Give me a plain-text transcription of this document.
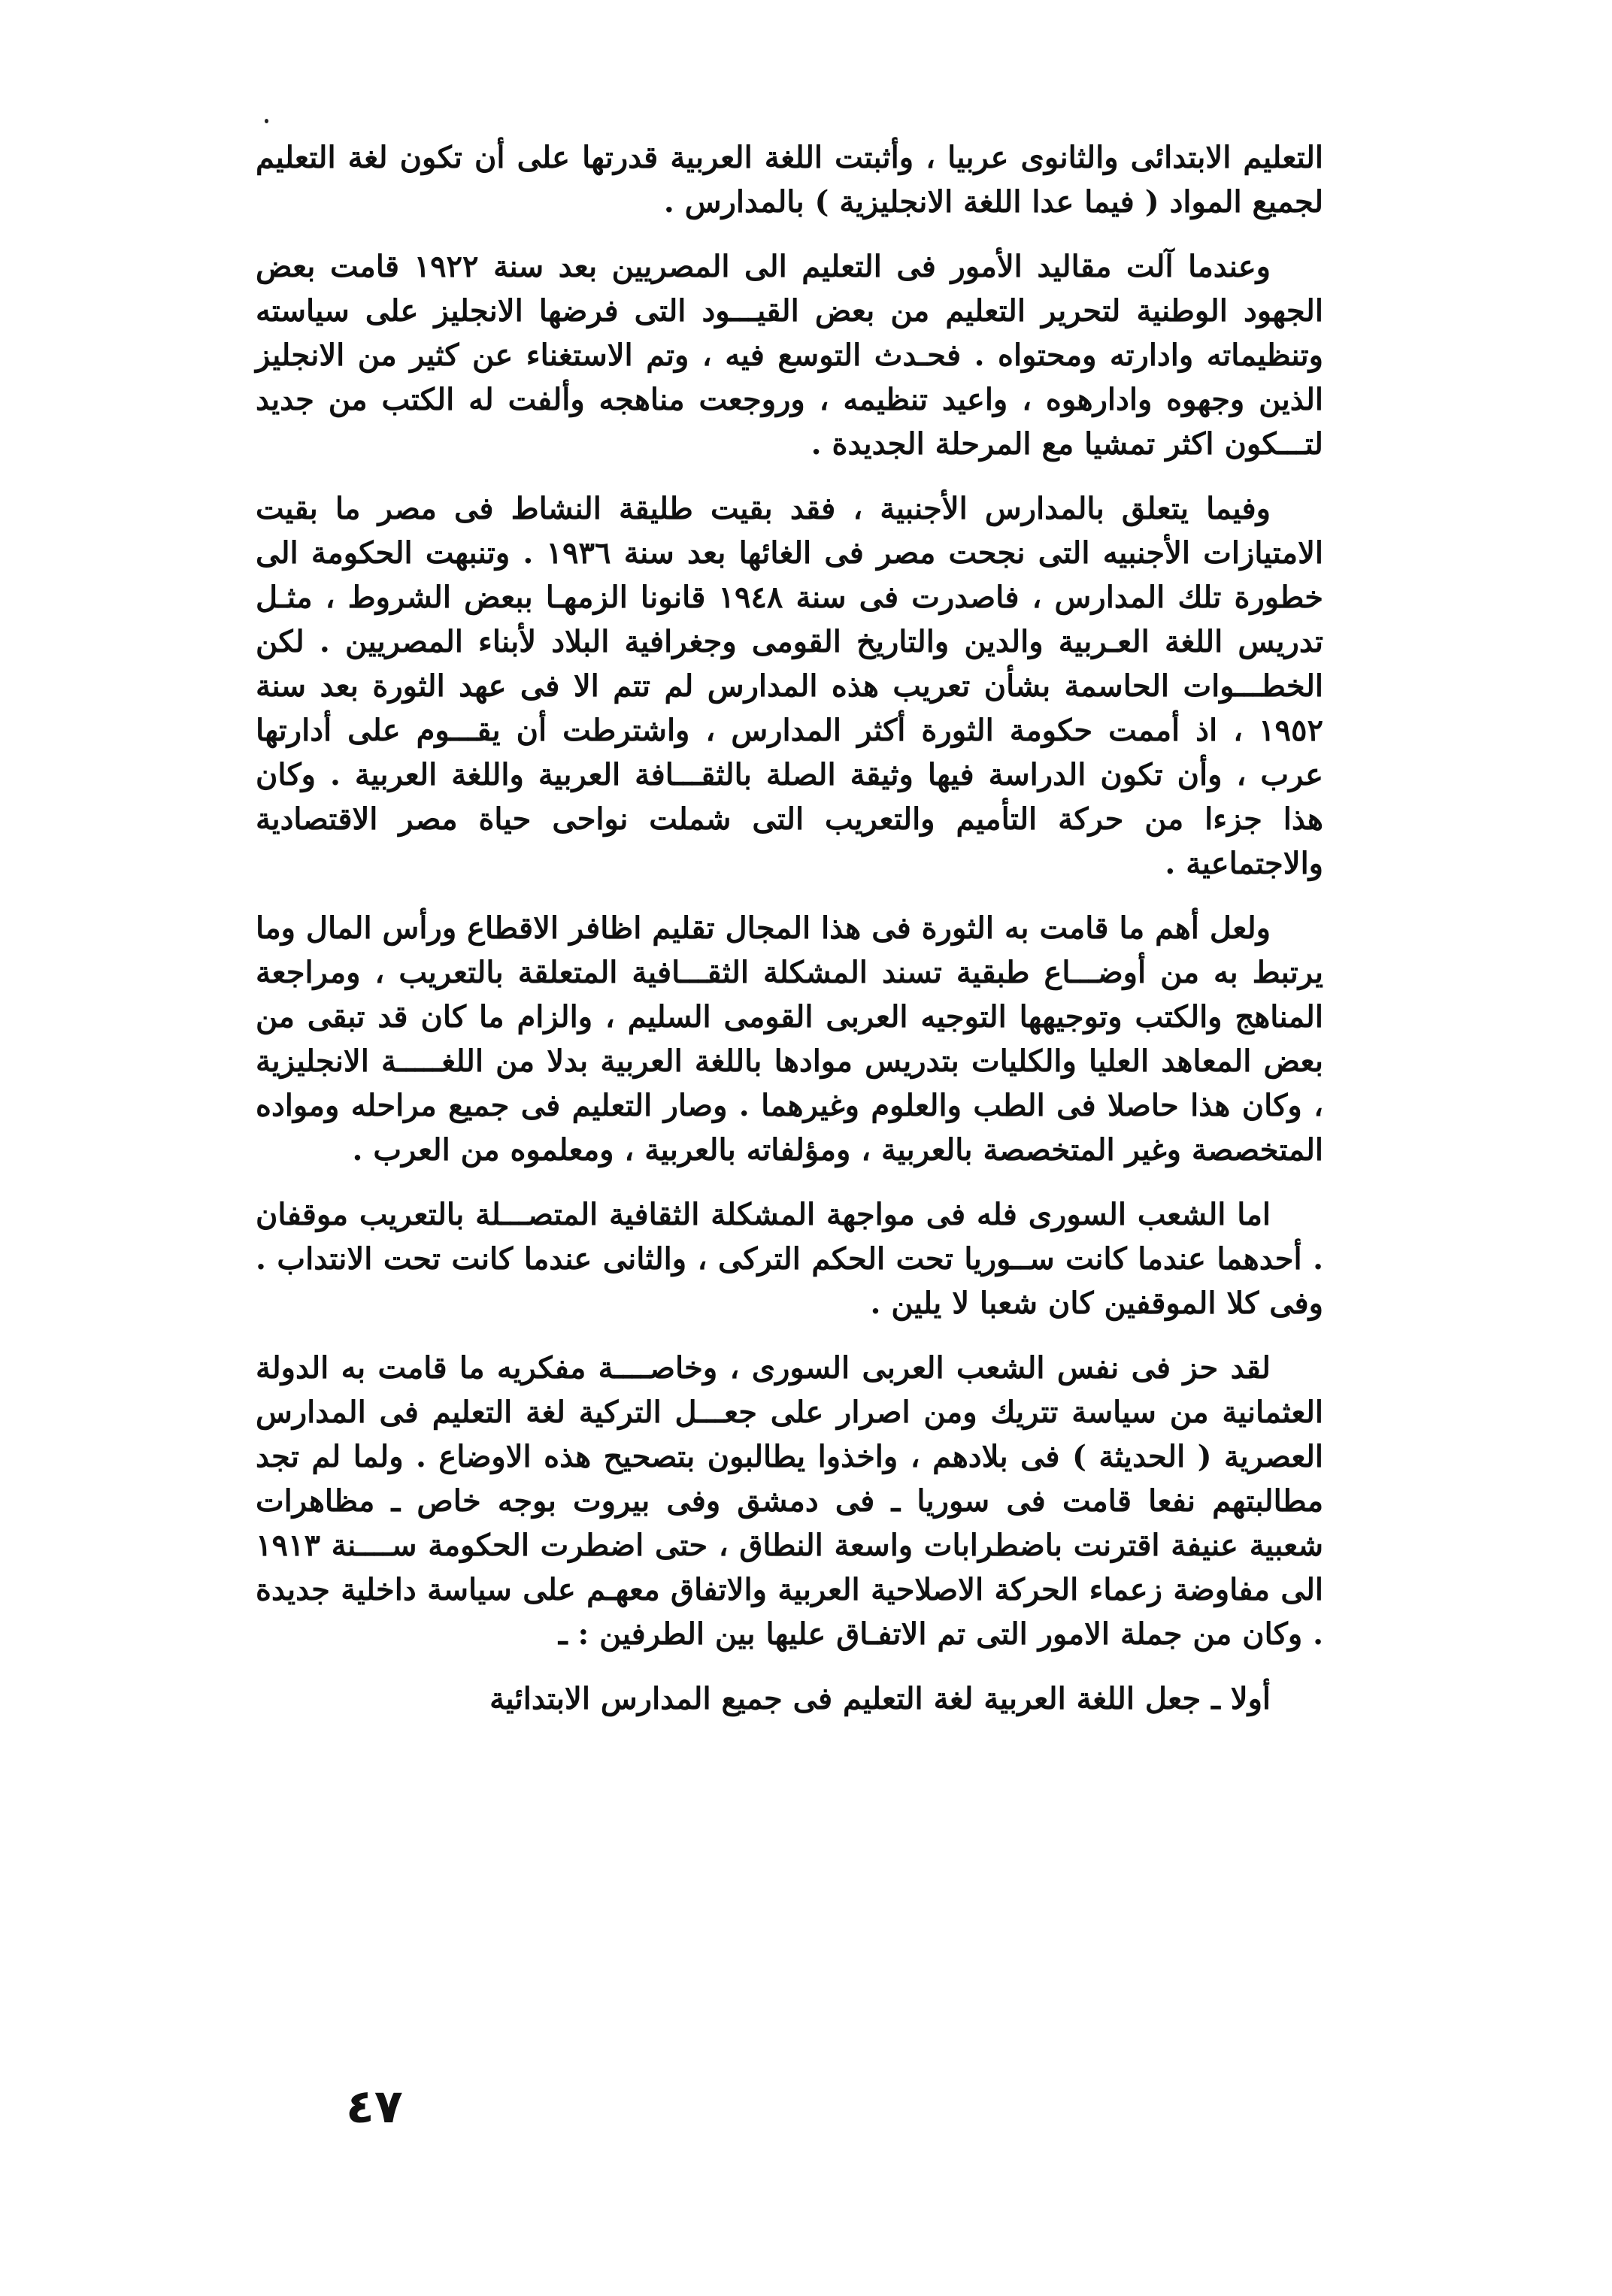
التعليم الابتدائى والثانوى عربيا ، وأثبتت اللغة العربية قدرتها على أن تكون لغة التعليم لجميع المواد ( فيما عدا اللغة الانجليزية ) بالمدارس .

وعندما آلت مقاليد الأمور فى التعليم الى المصريين بعد سنة ١٩٢٢ قامت بعض الجهود الوطنية لتحرير التعليم من بعض القيـــود التى فرضها الانجليز على سياسته وتنظيماته وادارته ومحتواه . فحـدث التوسع فيه ، وتم الاستغناء عن كثير من الانجليز الذين وجهوه وادارهوه ، واعيد تنظيمه ، وروجعت مناهجه وألفت له الكتب من جديد لتـــكون اكثر تمشيا مع المرحلة الجديدة .

وفيما يتعلق بالمدارس الأجنبية ، فقد بقيت طليقة النشاط فى مصر ما بقيت الامتيازات الأجنبيه التى نجحت مصر فى الغائها بعد سنة ١٩٣٦ . وتنبهت الحكومة الى خطورة تلك المدارس ، فاصدرت فى سنة ١٩٤٨ قانونا الزمهـا ببعض الشروط ، مثـل تدريس اللغة العـربية والدين والتاريخ القومى وجغرافية البلاد لأبناء المصريين . لكن الخطـــوات الحاسمة بشأن تعريب هذه المدارس لم تتم الا فى عهد الثورة بعد سنة ١٩٥٢ ، اذ أممت حكومة الثورة أكثر المدارس ، واشترطت أن يقـــوم على أدارتها عرب ، وأن تكون الدراسة فيها وثيقة الصلة بالثقـــافة العربية واللغة العربية . وكان هذا جزءا من حركة التأميم والتعريب التى شملت نواحى حياة مصر الاقتصادية والاجتماعية .

ولعل أهم ما قامت به الثورة فى هذا المجال تقليم اظافر الاقطاع ورأس المال وما يرتبط به من أوضـــاع طبقية تسند المشكلة الثقـــافية المتعلقة بالتعريب ، ومراجعة المناهج والكتب وتوجيهها التوجيه العربى القومى السليم ، والزام ما كان قد تبقى من بعض المعاهد العليا والكليات بتدريس موادها باللغة العربية بدلا من اللغـــــة الانجليزية ، وكان هذا حاصلا فى الطب والعلوم وغيرهما . وصار التعليم فى جميع مراحله ومواده المتخصصة وغير المتخصصة بالعربية ، ومؤلفاته بالعربية ، ومعلموه من العرب .

اما الشعب السورى فله فى مواجهة المشكلة الثقافية المتصـــلة بالتعريب موقفان . أحدهما عندما كانت ســوريا تحت الحكم التركى ، والثانى عندما كانت تحت الانتداب . وفى كلا الموقفين كان شعبا لا يلين .

لقد حز فى نفس الشعب العربى السورى ، وخاصــــة مفكريه ما قامت به الدولة العثمانية من سياسة تتريك ومن اصرار على جعـــل التركية لغة التعليم فى المدارس العصرية ( الحديثة ) فى بلادهم ، واخذوا يطالبون بتصحيح هذه الاوضاع . ولما لم تجد مطالبتهم نفعا قامت فى سوريا ـ فى دمشق وفى بيروت بوجه خاص ـ مظاهرات شعبية عنيفة اقترنت باضطرابات واسعة النطاق ، حتى اضطرت الحكومة ســــنة ١٩١٣ الى مفاوضة زعماء الحركة الاصلاحية العربية والاتفاق معهـم على سياسة داخلية جديدة . وكان من جملة الامور التى تم الاتفـاق عليها بين الطرفين : ـ

أولا ـ جعل اللغة العربية لغة التعليم فى جميع المدارس الابتدائية

٤٧
